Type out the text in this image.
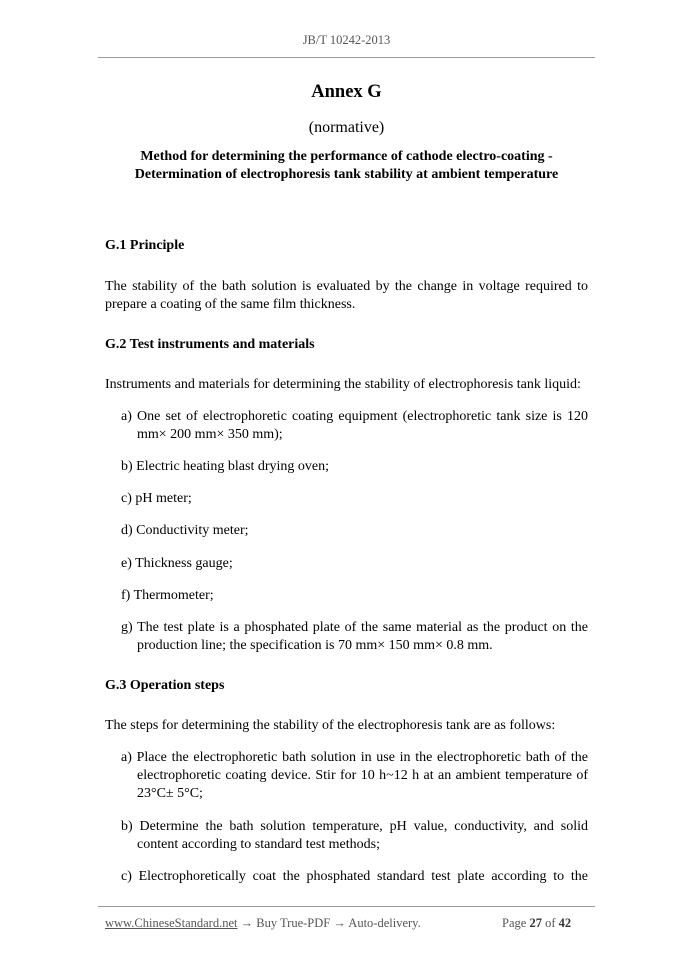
JB/T 10242-2013
Annex G
(normative)
Method for determining the performance of cathode electro-coating -
Determination of electrophoresis tank stability at ambient temperature
G.1 Principle
The stability of the bath solution is evaluated by the change in voltage required to prepare a coating of the same film thickness.
G.2 Test instruments and materials
Instruments and materials for determining the stability of electrophoresis tank liquid:
a) One set of electrophoretic coating equipment (electrophoretic tank size is 120 mm× 200 mm× 350 mm);
b) Electric heating blast drying oven;
c) pH meter;
d) Conductivity meter;
e) Thickness gauge;
f) Thermometer;
g) The test plate is a phosphated plate of the same material as the product on the production line; the specification is 70 mm× 150 mm× 0.8 mm.
G.3 Operation steps
The steps for determining the stability of the electrophoresis tank are as follows:
a) Place the electrophoretic bath solution in use in the electrophoretic bath of the electrophoretic coating device. Stir for 10 h~12 h at an ambient temperature of 23°C± 5°C;
b) Determine the bath solution temperature, pH value, conductivity, and solid content according to standard test methods;
c) Electrophoretically coat the phosphated standard test plate according to the
www.ChineseStandard.net → Buy True-PDF → Auto-delivery.	Page 27 of 42
